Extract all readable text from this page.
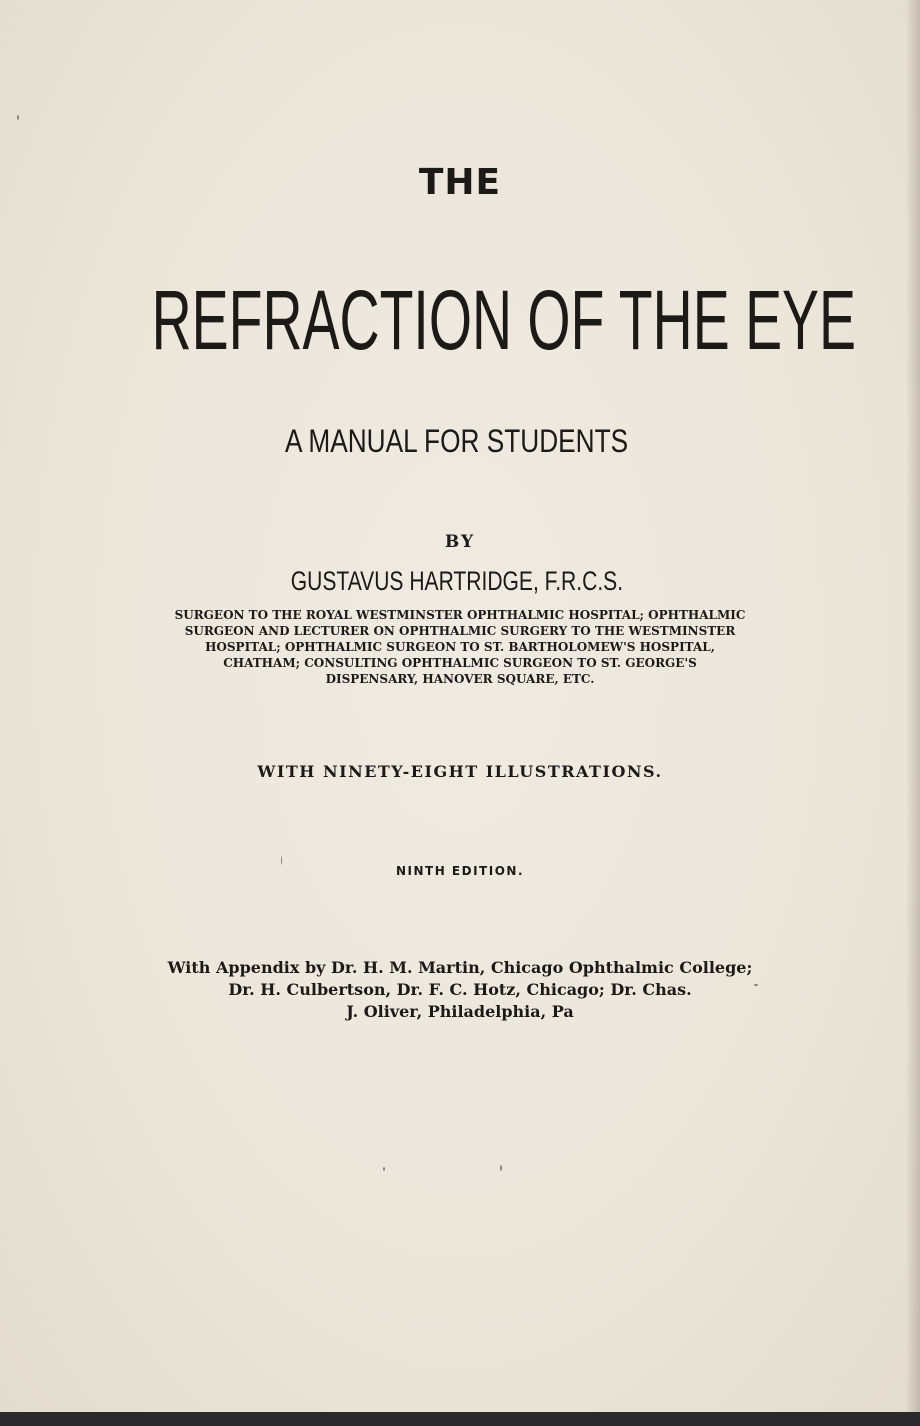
THE
REFRACTION OF THE EYE
A MANUAL FOR STUDENTS
BY
GUSTAVUS HARTRIDGE, F.R.C.S.
SURGEON TO THE ROYAL WESTMINSTER OPHTHALMIC HOSPITAL; OPHTHALMIC
SURGEON AND LECTURER ON OPHTHALMIC SURGERY TO THE WESTMINSTER
HOSPITAL; OPHTHALMIC SURGEON TO ST. BARTHOLOMEW'S HOSPITAL,
CHATHAM; CONSULTING OPHTHALMIC SURGEON TO ST. GEORGE'S
DISPENSARY, HANOVER SQUARE, ETC.
WITH NINETY-EIGHT ILLUSTRATIONS.
NINTH EDITION.
With Appendix by Dr. H. M. Martin, Chicago Ophthalmic College;
Dr. H. Culbertson, Dr. F. C. Hotz, Chicago; Dr. Chas.
J. Oliver, Philadelphia, Pa
